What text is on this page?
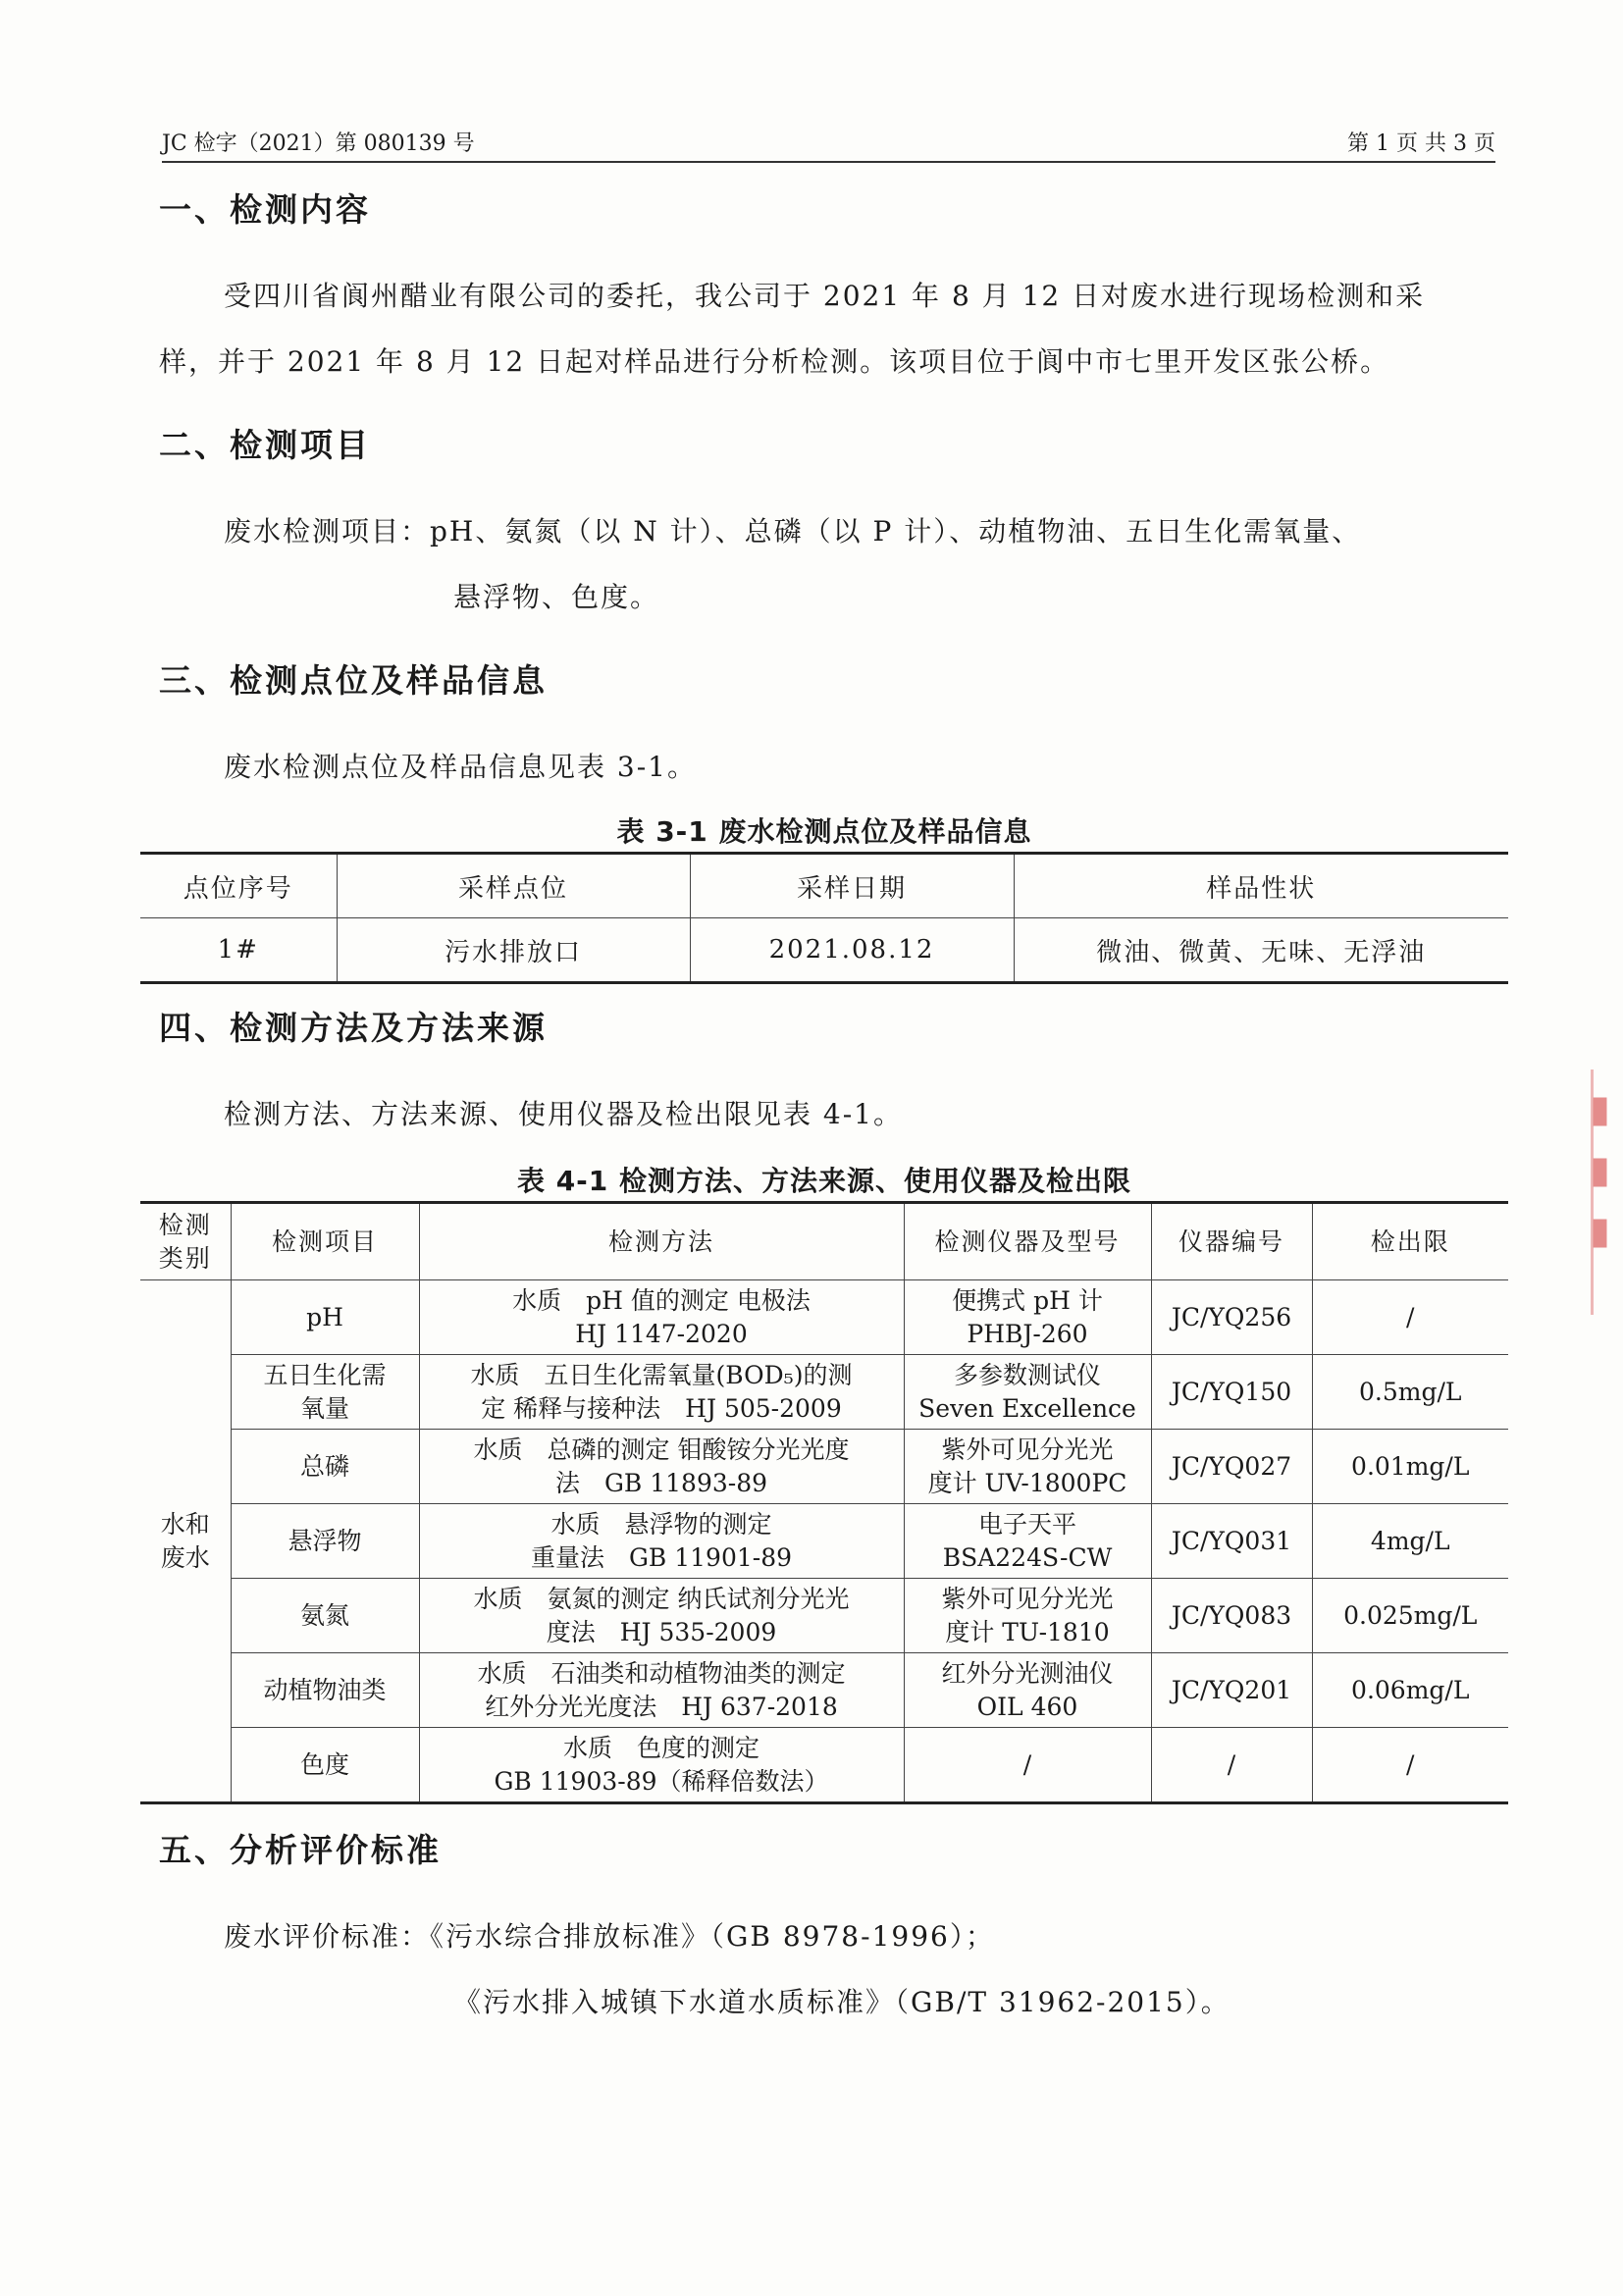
JC 检字（2021）第 080139 号	第 1 页 共 3 页
一、检测内容
受四川省阆州醋业有限公司的委托，我公司于 2021 年 8 月 12 日对废水进行现场检测和采
样，并于 2021 年 8 月 12 日起对样品进行分析检测。该项目位于阆中市七里开发区张公桥。
二、检测项目
废水检测项目：pH、氨氮（以 N 计）、总磷（以 P 计）、动植物油、五日生化需氧量、
悬浮物、色度。
三、检测点位及样品信息
废水检测点位及样品信息见表 3-1。
表 3-1 废水检测点位及样品信息
点位序号	采样点位	采样日期	样品性状
1#	污水排放口	2021.08.12	微油、微黄、无味、无浮油
四、检测方法及方法来源
检测方法、方法来源、使用仪器及检出限见表 4-1。
表 4-1 检测方法、方法来源、使用仪器及检出限
检测
类别	检测项目	检测方法	检测仪器及型号	仪器编号	检出限

水和
废水	pH	水质　pH 值的测定 电极法
HJ 1147-2020	便携式 pH 计
PHBJ-260	JC/YQ256	/

	五日生化需
氧量	水质　五日生化需氧量(BOD₅)的测
定 稀释与接种法　HJ 505-2009	多参数测试仪
Seven Excellence	JC/YQ150	0.5mg/L

	总磷	水质　总磷的测定 钼酸铵分光光度
法　GB 11893-89	紫外可见分光光
度计 UV-1800PC	JC/YQ027	0.01mg/L

	悬浮物	水质　悬浮物的测定
重量法　GB 11901-89	电子天平
BSA224S-CW	JC/YQ031	4mg/L

	氨氮	水质　氨氮的测定 纳氏试剂分光光
度法　HJ 535-2009	紫外可见分光光
度计 TU-1810	JC/YQ083	0.025mg/L

	动植物油类	水质　石油类和动植物油类的测定
红外分光光度法　HJ 637-2018	红外分光测油仪
OIL 460	JC/YQ201	0.06mg/L

	色度	水质　色度的测定
GB 11903-89（稀释倍数法）	/	/	/
五、分析评价标准
废水评价标准：《污水综合排放标准》（GB 8978-1996）；
《污水排入城镇下水道水质标准》（GB/T 31962-2015）。
▮
▮
▮
